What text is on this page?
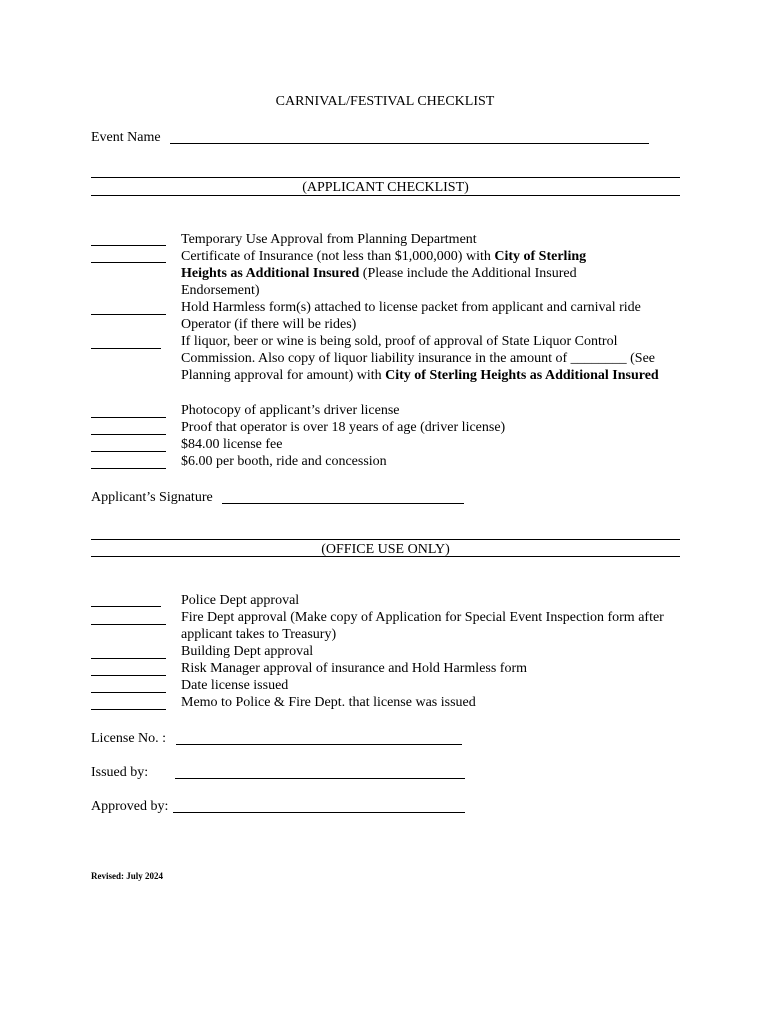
CARNIVAL/FESTIVAL CHECKLIST
Event Name
(APPLICANT CHECKLIST)
Temporary Use Approval from Planning Department
Certificate of Insurance (not less than $1,000,000) with City of Sterling Heights as Additional Insured (Please include the Additional Insured Endorsement)
Hold Harmless form(s) attached to license packet from applicant and carnival ride Operator (if there will be rides)
If liquor, beer or wine is being sold, proof of approval of State Liquor Control Commission. Also copy of liquor liability insurance in the amount of ________ (See Planning approval for amount) with City of Sterling Heights as Additional Insured
Photocopy of applicant’s driver license
Proof that operator is over 18 years of age (driver license)
$84.00 license fee
$6.00 per booth, ride and concession
Applicant’s Signature
(OFFICE USE ONLY)
Police Dept approval
Fire Dept approval (Make copy of Application for Special Event Inspection form after applicant takes to Treasury)
Building Dept approval
Risk Manager approval of insurance and Hold Harmless form
Date license issued
Memo to Police & Fire Dept. that license was issued
License No. :
Issued by:
Approved by:
Revised: July 2024
